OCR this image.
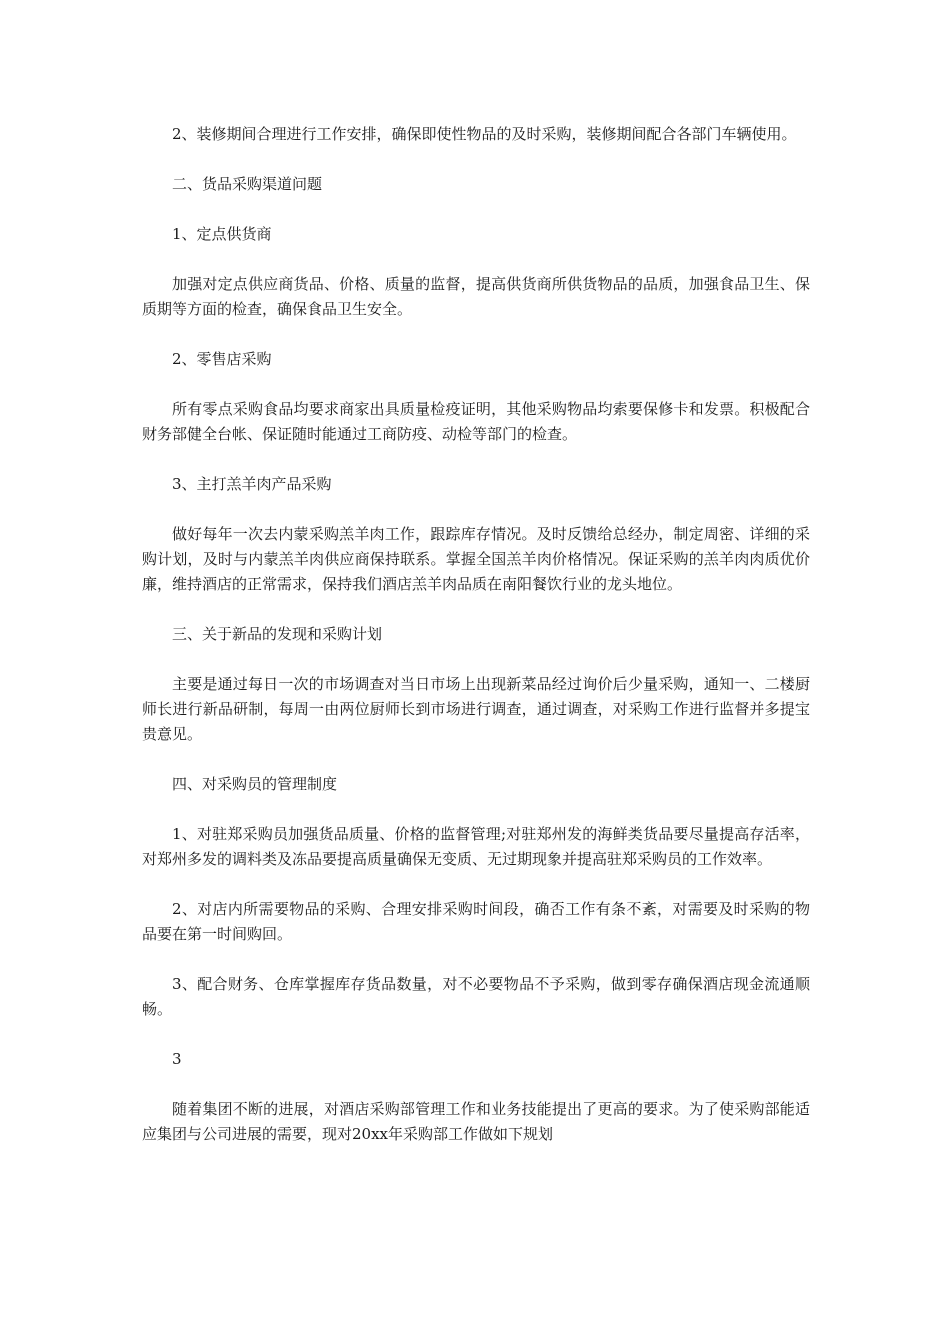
2、装修期间合理进行工作安排，确保即使性物品的及时采购，装修期间配合各部门车辆使用。

二、货品采购渠道问题

1、定点供货商

加强对定点供应商货品、价格、质量的监督，提高供货商所供货物品的品质，加强食品卫生、保质期等方面的检查，确保食品卫生安全。

2、零售店采购

所有零点采购食品均要求商家出具质量检疫证明，其他采购物品均索要保修卡和发票。积极配合财务部健全台帐、保证随时能通过工商防疫、动检等部门的检查。

3、主打羔羊肉产品采购

做好每年一次去内蒙采购羔羊肉工作，跟踪库存情况。及时反馈给总经办，制定周密、详细的采购计划，及时与内蒙羔羊肉供应商保持联系。掌握全国羔羊肉价格情况。保证采购的羔羊肉肉质优价廉，维持酒店的正常需求，保持我们酒店羔羊肉品质在南阳餐饮行业的龙头地位。

三、关于新品的发现和采购计划

主要是通过每日一次的市场调查对当日市场上出现新菜品经过询价后少量采购，通知一、二楼厨师长进行新品研制，每周一由两位厨师长到市场进行调查，通过调查，对采购工作进行监督并多提宝贵意见。

四、对采购员的管理制度

1、对驻郑采购员加强货品质量、价格的监督管理;对驻郑州发的海鲜类货品要尽量提高存活率，对郑州多发的调料类及冻品要提高质量确保无变质、无过期现象并提高驻郑采购员的工作效率。

2、对店内所需要物品的采购、合理安排采购时间段，确否工作有条不紊，对需要及时采购的物品要在第一时间购回。

3、配合财务、仓库掌握库存货品数量，对不必要物品不予采购，做到零存确保酒店现金流通顺畅。

3

随着集团不断的进展，对酒店采购部管理工作和业务技能提出了更高的要求。为了使采购部能适应集团与公司进展的需要，现对20xx年采购部工作做如下规划
